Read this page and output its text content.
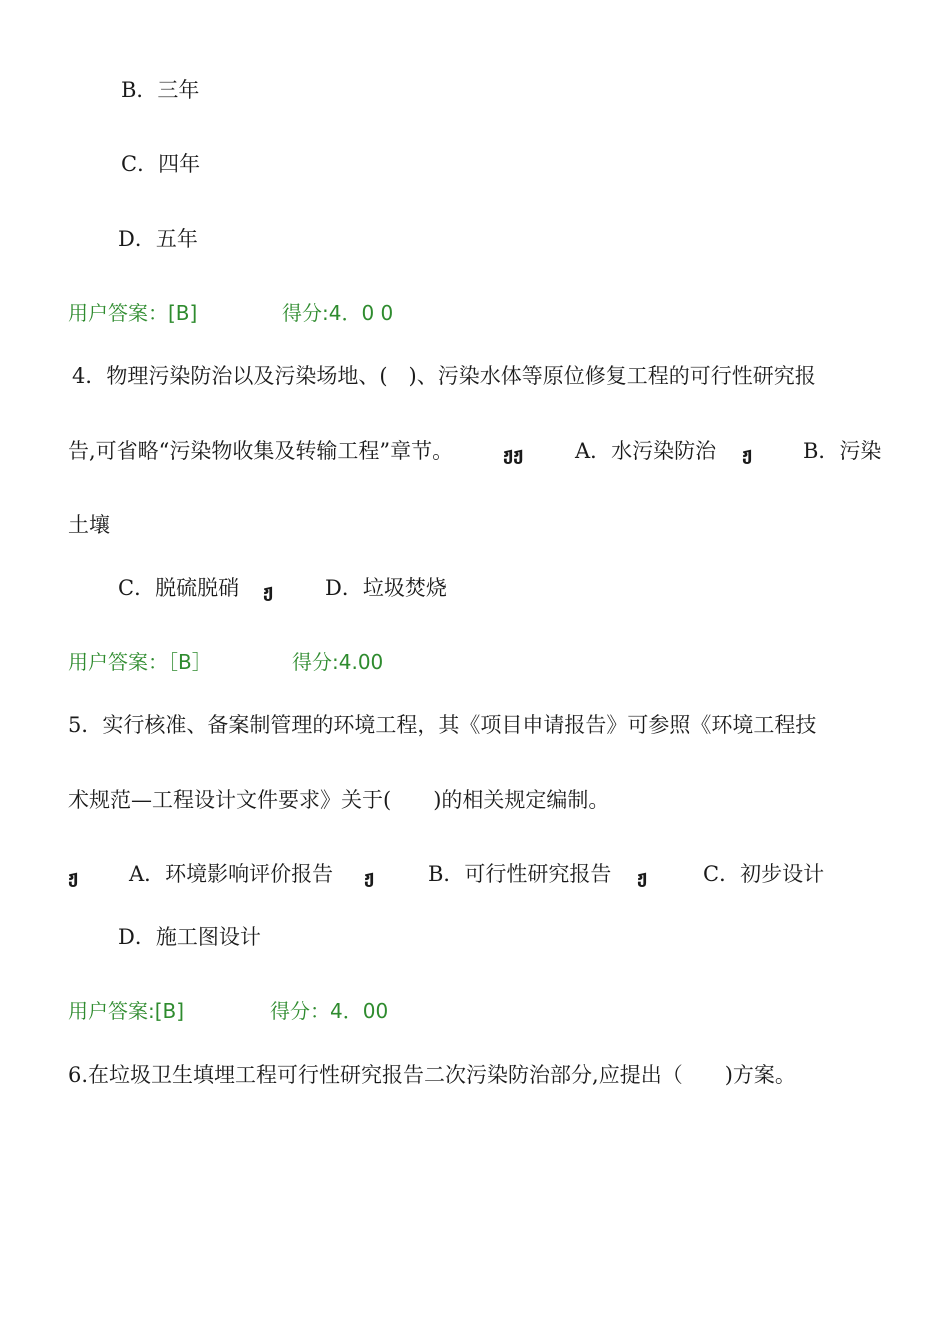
B．三年
C．四年
D．五年
用户答案：[B]	得分:4．0 0
4．物理污染防治以及污染场地、(　)、污染水体等原位修复工程的可行性研究报
告,可省略“污染物收集及转输工程”章节。	ჟჟ A．水污染防治 ჟ B．污染
土壤
C．脱硫脱硝 ჟ D．垃圾焚烧
用户答案：［B］	得分:4.00
5．实行核准、备案制管理的环境工程，其《项目申请报告》可参照《环境工程技
术规范—工程设计文件要求》关于(　　)的相关规定编制。
ჟ A．环境影响评价报告 ჟ	B．可行性研究报告 ჟ	C．初步设计
D．施工图设计
用户答案:[B]	得分：4．00
6.在垃圾卫生填埋工程可行性研究报告二次污染防治部分,应提出（　　)方案。
